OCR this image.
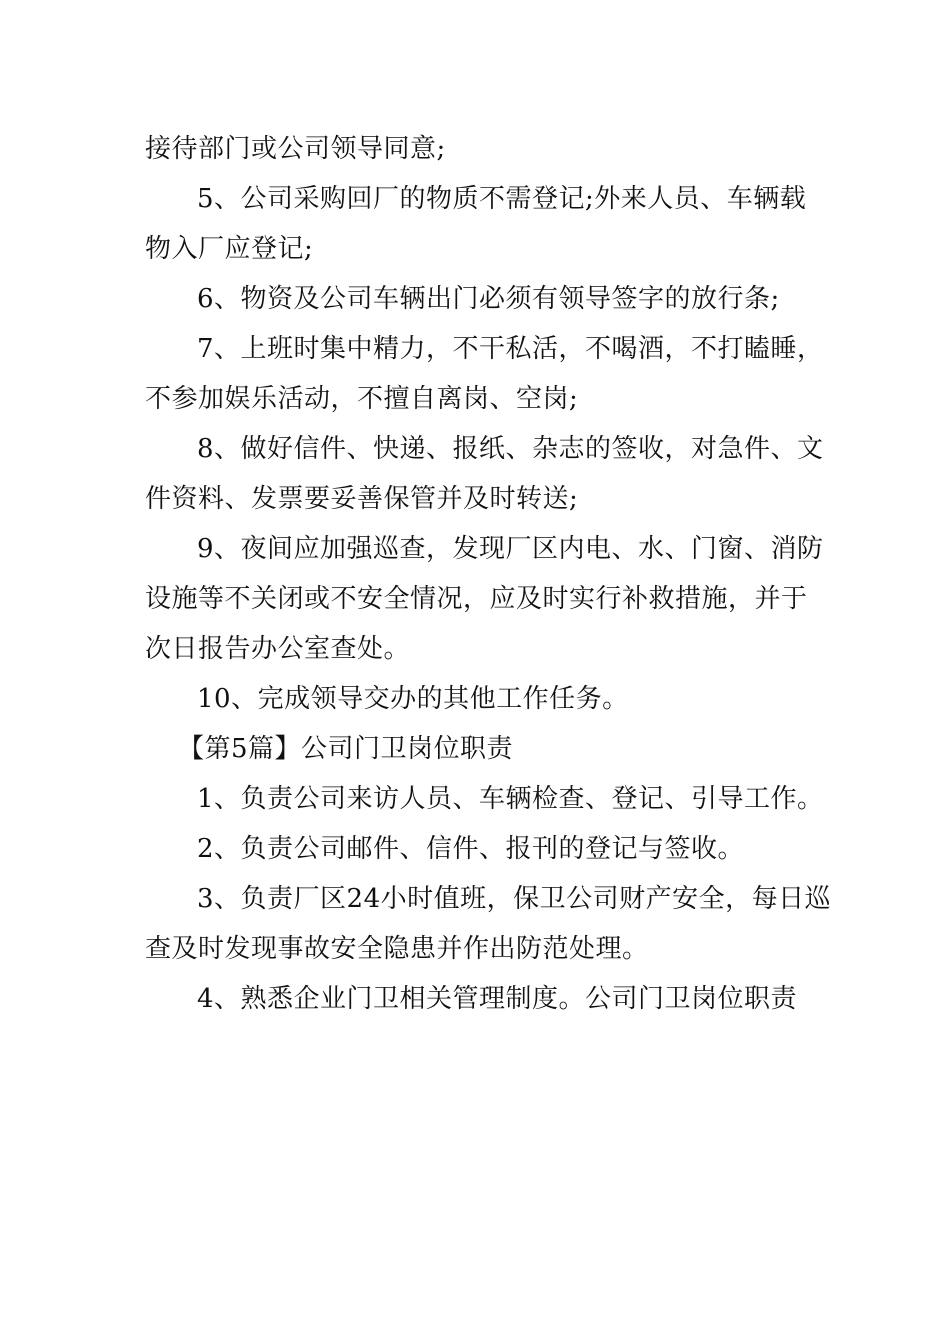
接待部门或公司领导同意;
5、公司采购回厂的物质不需登记;外来人员、车辆载
物入厂应登记;
6、物资及公司车辆出门必须有领导签字的放行条;
7、上班时集中精力，不干私活，不喝酒，不打瞌睡，
不参加娱乐活动，不擅自离岗、空岗;
8、做好信件、快递、报纸、杂志的签收，对急件、文
件资料、发票要妥善保管并及时转送;
9、夜间应加强巡查，发现厂区内电、水、门窗、消防
设施等不关闭或不安全情况，应及时实行补救措施，并于
次日报告办公室查处。
10、完成领导交办的其他工作任务。
【第5篇】公司门卫岗位职责
1、负责公司来访人员、车辆检查、登记、引导工作。
2、负责公司邮件、信件、报刊的登记与签收。
3、负责厂区24小时值班，保卫公司财产安全，每日巡
查及时发现事故安全隐患并作出防范处理。
4、熟悉企业门卫相关管理制度。公司门卫岗位职责
